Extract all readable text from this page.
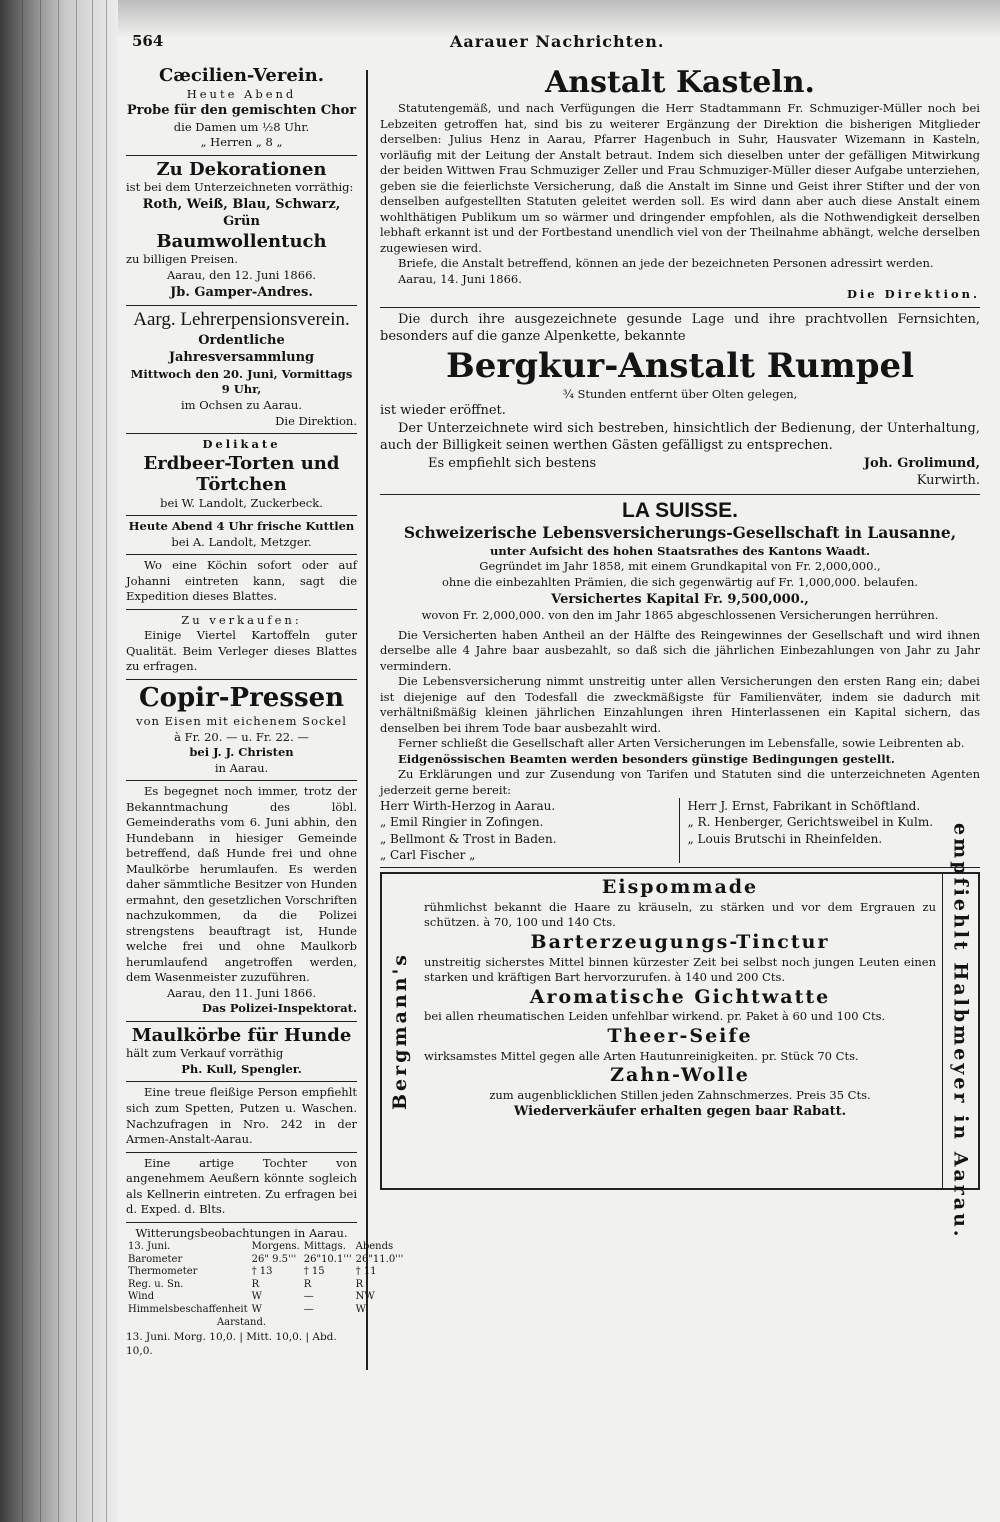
564
Cæcilien-Verein.
Heute Abend
Probe für den gemischten Chor
die Damen um ½8 Uhr.
„ Herren „ 8 „
Zu Dekorationen
ist bei dem Unterzeichneten vorräthig:
Roth, Weiß, Blau, Schwarz, Grün
Baumwollentuch
zu billigen Preisen.
Aarau, den 12. Juni 1866.
Jb. Gamper-Andres.
Aarg. Lehrerpensionsverein.
Ordentliche Jahresversammlung
Mittwoch den 20. Juni, Vormittags 9 Uhr,
im Ochsen zu Aarau.
Die Direktion.
Delikate
Erdbeer-Torten und Törtchen
bei W. Landolt, Zuckerbeck.
Heute Abend 4 Uhr frische Kuttlen
bei A. Landolt, Metzger.
Wo eine Köchin sofort oder auf Johanni eintreten kann, sagt die Expedition dieses Blattes.
Zu verkaufen:
Einige Viertel Kartoffeln guter Qualität. Beim Verleger dieses Blattes zu erfragen.
Copir-Pressen
von Eisen mit eichenem Sockel
à Fr. 20. — u. Fr. 22. —
bei J. J. Christen
in Aarau.
Es begegnet noch immer, trotz der Bekanntmachung des löbl. Gemeinderaths vom 6. Juni abhin, den Hundebann in hiesiger Gemeinde betreffend, daß Hunde frei und ohne Maulkörbe herumlaufen. Es werden daher sämmtliche Besitzer von Hunden ermahnt, den gesetzlichen Vorschriften nachzukommen, da die Polizei strengstens beauftragt ist, Hunde welche frei und ohne Maulkorb herumlaufend angetroffen werden, dem Wasenmeister zuzuführen.
Aarau, den 11. Juni 1866.
Das Polizei-Inspektorat.
Maulkörbe für Hunde
hält zum Verkauf vorräthig
Ph. Kull, Spengler.
Eine treue fleißige Person empfiehlt sich zum Spetten, Putzen u. Waschen. Nachzufragen in Nro. 242 in der Armen-Anstalt-Aarau.
Eine artige Tochter von angenehmem Aeußern könnte sogleich als Kellnerin eintreten. Zu erfragen bei d. Exped. d. Blts.
Witterungsbeobachtungen in Aarau.
13. Juni.	Morgens.	Mittags.	Abends
Barometer	26" 9.5'''	26"10.1'''	26"11.0'''
Thermometer	† 13	† 15	† 11
Reg. u. Sn.	R	R	R
Wind	W	—	NW
Himmelsbeschaffenheit	W	—	W
Aarstand.
13. Juni. Morg. 10,0. | Mitt. 10,0. | Abd. 10,0.
Aarauer Nachrichten.
Anstalt Kasteln.
Statutengemäß, und nach Verfügungen die Herr Stadtammann Fr. Schmuziger-Müller noch bei Lebzeiten getroffen hat, sind bis zu weiterer Ergänzung der Direktion die bisherigen Mitglieder derselben: Julius Henz in Aarau, Pfarrer Hagenbuch in Suhr, Hausvater Wizemann in Kasteln, vorläufig mit der Leitung der Anstalt betraut. Indem sich dieselben unter der gefälligen Mitwirkung der beiden Wittwen Frau Schmuziger Zeller und Frau Schmuziger-Müller dieser Aufgabe unterziehen, geben sie die feierlichste Versicherung, daß die Anstalt im Sinne und Geist ihrer Stifter und der von denselben aufgestellten Statuten geleitet werden soll. Es wird dann aber auch diese Anstalt einem wohlthätigen Publikum um so wärmer und dringender empfohlen, als die Nothwendigkeit derselben lebhaft erkannt ist und der Fortbestand unendlich viel von der Theilnahme abhängt, welche derselben zugewiesen wird.
Briefe, die Anstalt betreffend, können an jede der bezeichneten Personen adressirt werden.
Aarau, 14. Juni 1866.
Die Direktion.
Die durch ihre ausgezeichnete gesunde Lage und ihre prachtvollen Fernsichten, besonders auf die ganze Alpenkette, bekannte
Bergkur-Anstalt Rumpel
¾ Stunden entfernt über Olten gelegen,
ist wieder eröffnet.
Der Unterzeichnete wird sich bestreben, hinsichtlich der Bedienung, der Unterhaltung, auch der Billigkeit seinen werthen Gästen gefälligst zu entsprechen.
Es empfiehlt sich bestens	Joh. Grolimund,
Kurwirth.
LA SUISSE.
Schweizerische Lebensversicherungs-Gesellschaft in Lausanne,
unter Aufsicht des hohen Staatsrathes des Kantons Waadt.
Gegründet im Jahr 1858, mit einem Grundkapital von Fr. 2,000,000.,
ohne die einbezahlten Prämien, die sich gegenwärtig auf Fr. 1,000,000. belaufen.
Versichertes Kapital Fr. 9,500,000.,
wovon Fr. 2,000,000. von den im Jahr 1865 abgeschlossenen Versicherungen herrühren.
Die Versicherten haben Antheil an der Hälfte des Reingewinnes der Gesellschaft und wird ihnen derselbe alle 4 Jahre baar ausbezahlt, so daß sich die jährlichen Einbezahlungen von Jahr zu Jahr vermindern.
Die Lebensversicherung nimmt unstreitig unter allen Versicherungen den ersten Rang ein; dabei ist diejenige auf den Todesfall die zweckmäßigste für Familienväter, indem sie dadurch mit verhältnißmäßig kleinen jährlichen Einzahlungen ihren Hinterlassenen ein Kapital sichern, das denselben bei ihrem Tode baar ausbezahlt wird.
Ferner schließt die Gesellschaft aller Arten Versicherungen im Lebensfalle, sowie Leibrenten ab.
Eidgenössischen Beamten werden besonders günstige Bedingungen gestellt.
Zu Erklärungen und zur Zusendung von Tarifen und Statuten sind die unterzeichneten Agenten jederzeit gerne bereit:
Herr Wirth-Herzog in Aarau.
„ Emil Ringier in Zofingen.
„ Bellmont & Trost in Baden.
„ Carl Fischer „
Herr J. Ernst, Fabrikant in Schöftland.
„ R. Henberger, Gerichtsweibel in Kulm.
„ Louis Brutschi in Rheinfelden.
Bergmann's
Eispommade
rühmlichst bekannt die Haare zu kräuseln, zu stärken und vor dem Ergrauen zu schützen. à 70, 100 und 140 Cts.
Barterzeugungs-Tinctur
unstreitig sicherstes Mittel binnen kürzester Zeit bei selbst noch jungen Leuten einen starken und kräftigen Bart hervorzurufen. à 140 und 200 Cts.
Aromatische Gichtwatte
bei allen rheumatischen Leiden unfehlbar wirkend. pr. Paket à 60 und 100 Cts.
Theer-Seife
wirksamstes Mittel gegen alle Arten Hautunreinigkeiten. pr. Stück 70 Cts.
Zahn-Wolle
zum augenblicklichen Stillen jeden Zahnschmerzes. Preis 35 Cts.
Wiederverkäufer erhalten gegen baar Rabatt.	empfiehlt Halbmeyer in Aarau.
